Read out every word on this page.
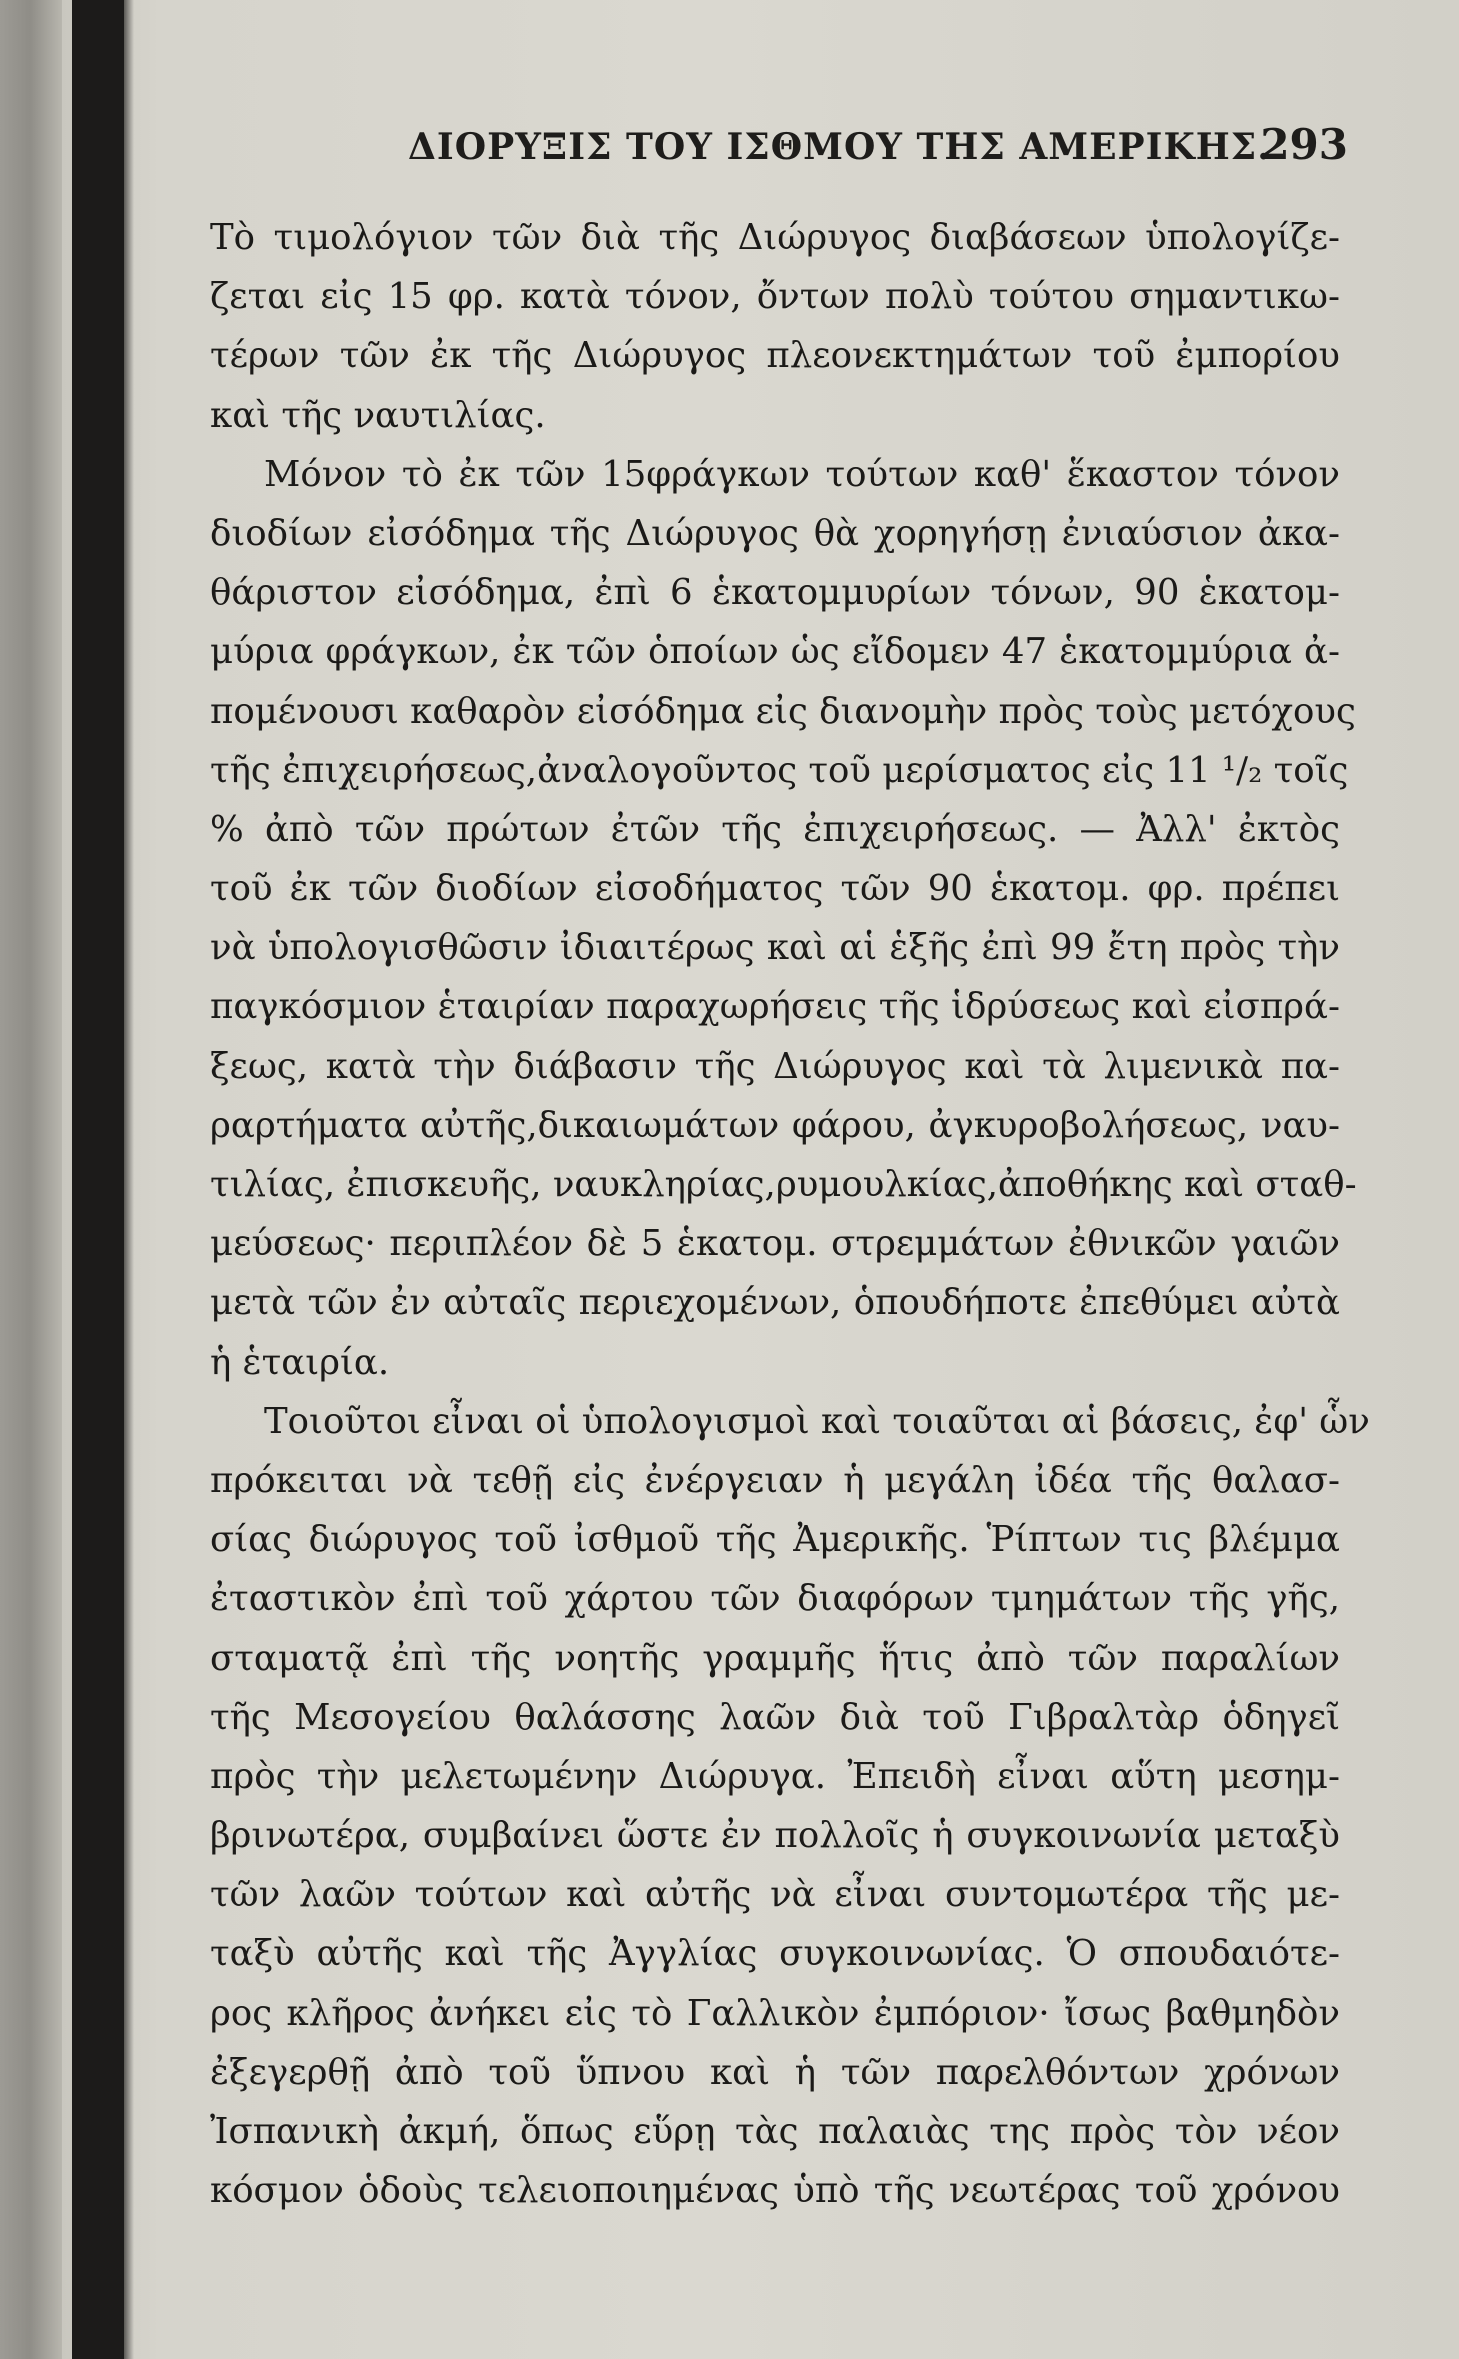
ΔΙΟΡΥΞΙΣ ΤΟΥ ΙΣΘΜΟΥ ΤΗΣ ΑΜΕΡΙΚΗΣ.
293
Τὸ τιμολόγιον τῶν διὰ τῆς Διώρυγος διαβάσεων ὑπολογίζε-
ζεται εἰς 15 φρ. κατὰ τόνον, ὄντων πολὺ τούτου σημαντικω-
τέρων τῶν ἐκ τῆς Διώρυγος πλεονεκτημάτων τοῦ ἐμπορίου
καὶ τῆς ναυτιλίας.
Μόνον τὸ ἐκ τῶν 15φράγκων τούτων καθ' ἕκαστον τόνον
διοδίων εἰσόδημα τῆς Διώρυγος θὰ χορηγήσῃ ἐνιαύσιον ἀκα-
θάριστον εἰσόδημα, ἐπὶ 6 ἑκατομμυρίων τόνων, 90 ἑκατομ-
μύρια φράγκων, ἐκ τῶν ὁποίων ὡς εἴδομεν 47 ἑκατομμύρια ἀ-
πομένουσι καθαρὸν εἰσόδημα εἰς διανομὴν πρὸς τοὺς μετόχους
τῆς ἐπιχειρήσεως,ἀναλογοῦντος τοῦ μερίσματος εἰς 11 ¹/₂ τοῖς
% ἀπὸ τῶν πρώτων ἐτῶν τῆς ἐπιχειρήσεως. — Ἀλλ' ἐκτὸς
τοῦ ἐκ τῶν διοδίων εἰσοδήματος τῶν 90 ἑκατομ. φρ. πρέπει
νὰ ὑπολογισθῶσιν ἰδιαιτέρως καὶ αἱ ἑξῆς ἐπὶ 99 ἔτη πρὸς τὴν
παγκόσμιον ἑταιρίαν παραχωρήσεις τῆς ἱδρύσεως καὶ εἰσπρά-
ξεως, κατὰ τὴν διάβασιν τῆς Διώρυγος καὶ τὰ λιμενικὰ πα-
ραρτήματα αὐτῆς,δικαιωμάτων φάρου, ἀγκυροβολήσεως, ναυ-
τιλίας, ἐπισκευῆς, ναυκληρίας,ρυμουλκίας,ἀποθήκης καὶ σταθ-
μεύσεως· περιπλέον δὲ 5 ἑκατομ. στρεμμάτων ἐθνικῶν γαιῶν
μετὰ τῶν ἐν αὐταῖς περιεχομένων, ὁπουδήποτε ἐπεθύμει αὐτὰ
ἡ ἑταιρία.
Τοιοῦτοι εἶναι οἱ ὑπολογισμοὶ καὶ τοιαῦται αἱ βάσεις, ἐφ' ὧν
πρόκειται νὰ τεθῇ εἰς ἐνέργειαν ἡ μεγάλη ἰδέα τῆς θαλασ-
σίας διώρυγος τοῦ ἰσθμοῦ τῆς Ἀμερικῆς. Ῥίπτων τις βλέμμα
ἐταστικὸν ἐπὶ τοῦ χάρτου τῶν διαφόρων τμημάτων τῆς γῆς,
σταματᾷ ἐπὶ τῆς νοητῆς γραμμῆς ἥτις ἀπὸ τῶν παραλίων
τῆς Μεσογείου θαλάσσης λαῶν διὰ τοῦ Γιβραλτὰρ ὁδηγεῖ
πρὸς τὴν μελετωμένην Διώρυγα. Ἐπειδὴ εἶναι αὕτη μεσημ-
βρινωτέρα, συμβαίνει ὥστε ἐν πολλοῖς ἡ συγκοινωνία μεταξὺ
τῶν λαῶν τούτων καὶ αὐτῆς νὰ εἶναι συντομωτέρα τῆς με-
ταξὺ αὐτῆς καὶ τῆς Ἀγγλίας συγκοινωνίας. Ὁ σπουδαιότε-
ρος κλῆρος ἀνήκει εἰς τὸ Γαλλικὸν ἐμπόριον· ἴσως βαθμηδὸν
ἐξεγερθῇ ἀπὸ τοῦ ὕπνου καὶ ἡ τῶν παρελθόντων χρόνων
Ἰσπανικὴ ἀκμή, ὅπως εὕρῃ τὰς παλαιὰς της πρὸς τὸν νέον
κόσμον ὁδοὺς τελειοποιημένας ὑπὸ τῆς νεωτέρας τοῦ χρόνου
